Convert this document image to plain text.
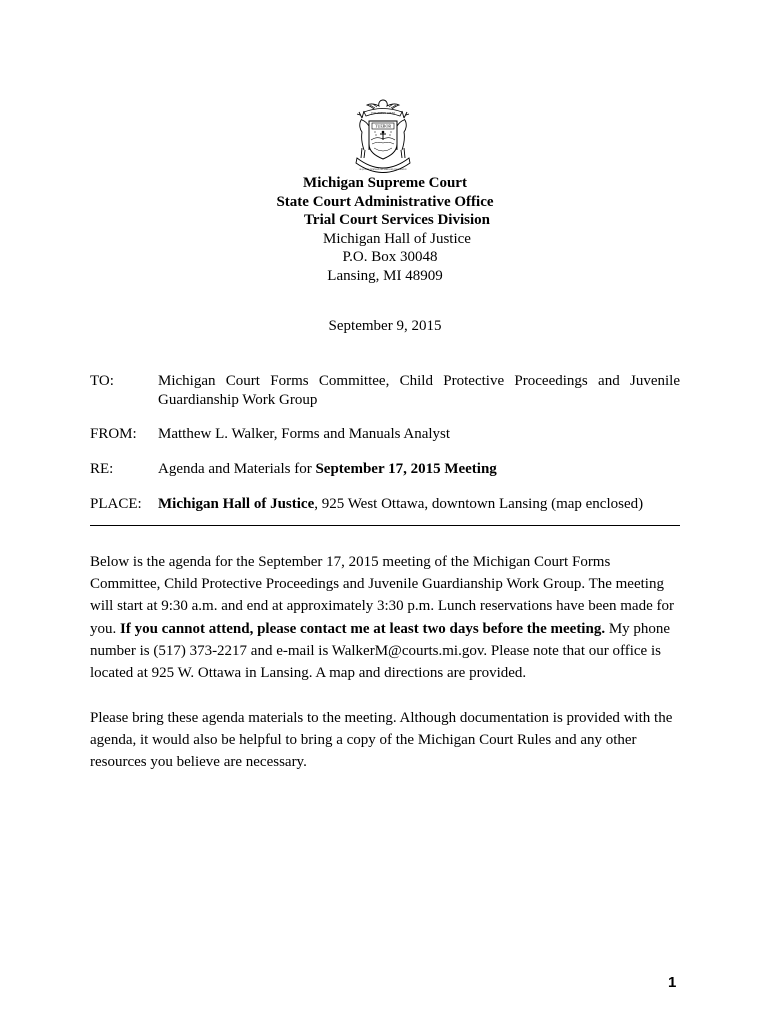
E PLURIBUS UNUM
TUEBOR
SI QUÆRIS PENINSULAM AMŒNAM CIRCUMSPICE
Michigan Supreme Court
State Court Administrative Office
Trial Court Services Division
Michigan Hall of Justice
P.O. Box 30048
Lansing, MI 48909
September 9, 2015
TO:	Michigan Court Forms Committee, Child Protective Proceedings and Juvenile Guardianship Work Group
FROM: Matthew L. Walker, Forms and Manuals Analyst
RE:	Agenda and Materials for September 17, 2015 Meeting
PLACE: Michigan Hall of Justice, 925 West Ottawa, downtown Lansing (map enclosed)
Below is the agenda for the September 17, 2015 meeting of the Michigan Court Forms Committee, Child Protective Proceedings and Juvenile Guardianship Work Group. The meeting will start at 9:30 a.m. and end at approximately 3:30 p.m. Lunch reservations have been made for you. If you cannot attend, please contact me at least two days before the meeting. My phone number is (517) 373-2217 and e-mail is WalkerM@courts.mi.gov. Please note that our office is located at 925 W. Ottawa in Lansing. A map and directions are provided.
Please bring these agenda materials to the meeting. Although documentation is provided with the agenda, it would also be helpful to bring a copy of the Michigan Court Rules and any other resources you believe are necessary.
1
